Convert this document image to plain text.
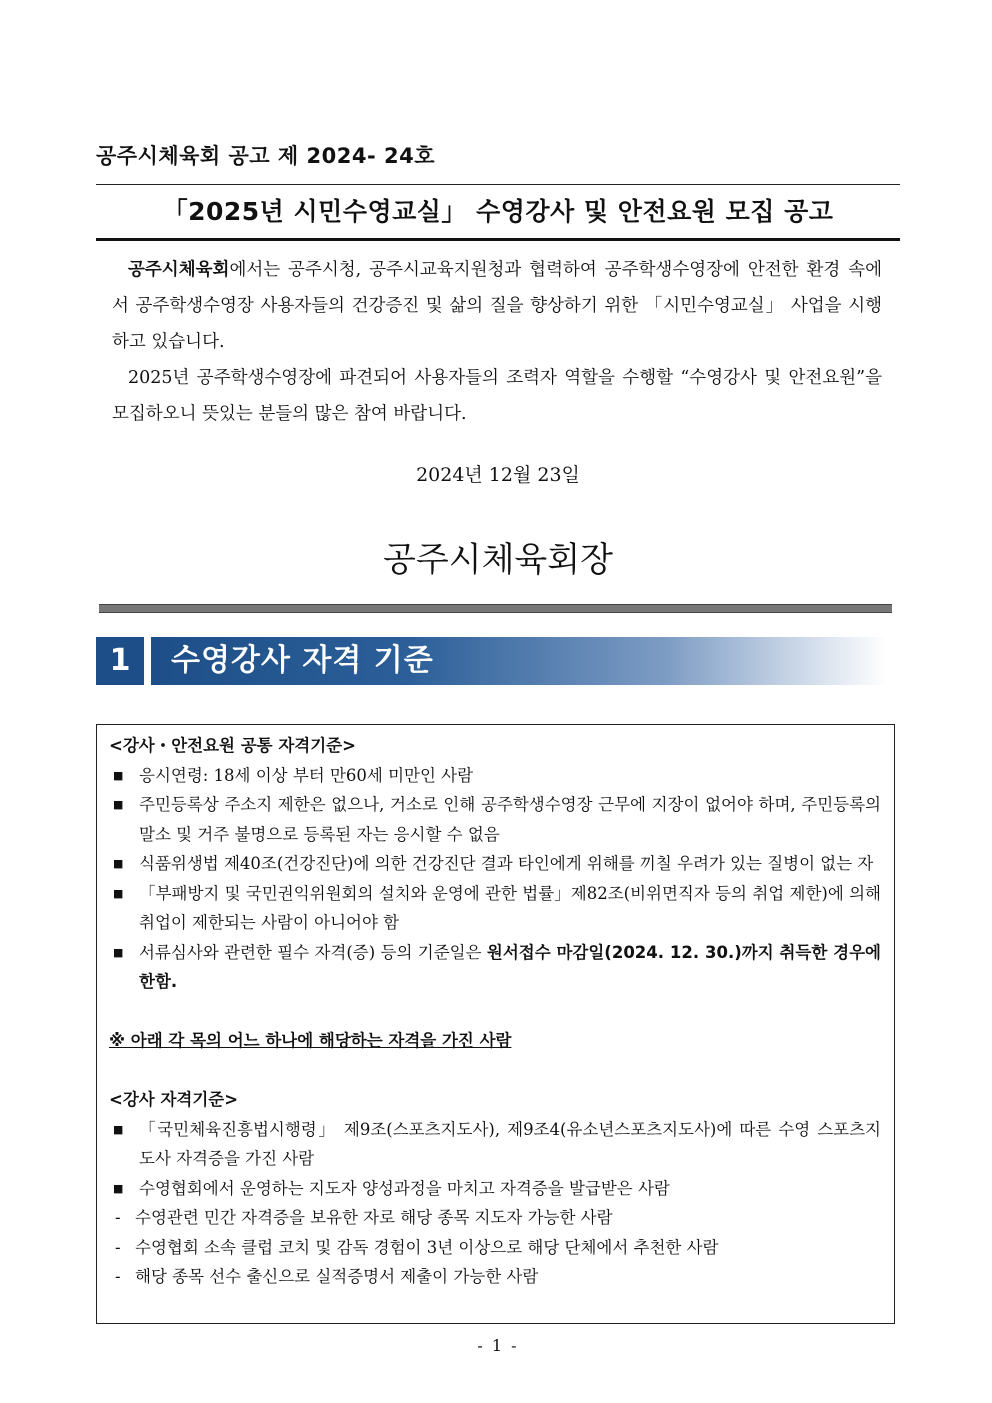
공주시체육회 공고 제 2024- 24호
「2025년 시민수영교실」 수영강사 및 안전요원 모집 공고

공주시체육회에서는 공주시청, 공주시교육지원청과 협력하여 공주학생수영장에 안전한 환경 속에서 공주학생수영장 사용자들의 건강증진 및 삶의 질을 향상하기 위한 「시민수영교실」 사업을 시행하고 있습니다.

2025년 공주학생수영장에 파견되어 사용자들의 조력자 역할을 수행할 “수영강사 및 안전요원”을 모집하오니 뜻있는 분들의 많은 참여 바랍니다.

2024년 12월 23일
공주시체육회장
1	수영강사 자격 기준
<강사・안전요원 공통 자격기준>
■ 응시연령: 18세 이상 부터 만60세 미만인 사람
■ 주민등록상 주소지 제한은 없으나, 거소로 인해 공주학생수영장 근무에 지장이 없어야 하며, 주민등록의 말소 및 거주 불명으로 등록된 자는 응시할 수 없음
■ 식품위생법 제40조(건강진단)에 의한 건강진단 결과 타인에게 위해를 끼칠 우려가 있는 질병이 없는 자
■ 「부패방지 및 국민권익위원회의 설치와 운영에 관한 법률」제82조(비위면직자 등의 취업 제한)에 의해 취업이 제한되는 사람이 아니어야 함
■ 서류심사와 관련한 필수 자격(증) 등의 기준일은 원서접수 마감일(2024. 12. 30.)까지 취득한 경우에 한함.
※ 아래 각 목의 어느 하나에 해당하는 자격을 가진 사람
<강사 자격기준>
■ 「국민체육진흥법시행령」 제9조(스포츠지도사), 제9조4(유소년스포츠지도사)에 따른 수영 스포츠지도사 자격증을 가진 사람
■ 수영협회에서 운영하는 지도자 양성과정을 마치고 자격증을 발급받은 사람
- 수영관련 민간 자격증을 보유한 자로 해당 종목 지도자 가능한 사람
- 수영협회 소속 클럽 코치 및 감독 경험이 3년 이상으로 해당 단체에서 추천한 사람
- 해당 종목 선수 출신으로 실적증명서 제출이 가능한 사람
- 1 -
